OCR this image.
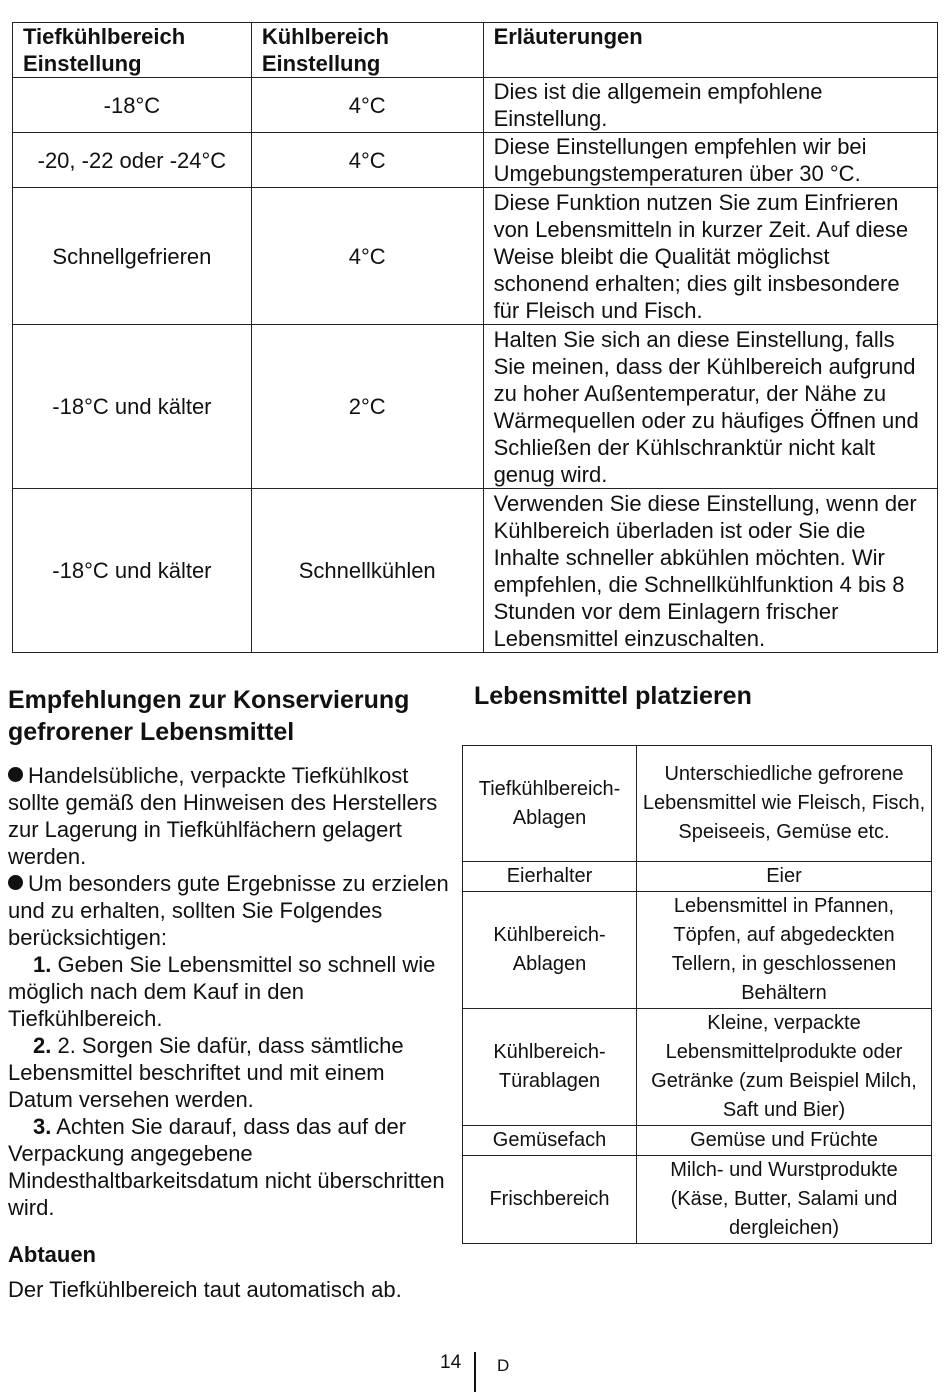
Tiefkühlbereich Einstellung	Kühlbereich Einstellung	Erläuterungen
-18°C	4°C	Dies ist die allgemein empfohlene Einstellung.
-20, -22 oder -24°C	4°C	Diese Einstellungen empfehlen wir bei Umgebungstemperaturen über 30 °C.
Schnellgefrieren	4°C	Diese Funktion nutzen Sie zum Einfrieren von Lebensmitteln in kurzer Zeit. Auf diese Weise bleibt die Qualität möglichst schonend erhalten; dies gilt insbesondere für Fleisch und Fisch.
-18°C und kälter	2°C	Halten Sie sich an diese Einstellung, falls Sie meinen, dass der Kühlbereich aufgrund zu hoher Außentemperatur, der Nähe zu Wärmequellen oder zu häufiges Öffnen und Schließen der Kühlschranktür nicht kalt genug wird.
-18°C und kälter	Schnellkühlen	Verwenden Sie diese Einstellung, wenn der Kühlbereich überladen ist oder Sie die Inhalte schneller abkühlen möchten. Wir empfehlen, die Schnellkühlfunktion 4 bis 8 Stunden vor dem Einlagern frischer Lebensmittel einzuschalten.

Empfehlungen zur Konservierung gefrorener Lebensmittel

Handelsübliche, verpackte Tiefkühlkost sollte gemäß den Hinweisen des Herstellers zur Lagerung in Tiefkühlfächern gelagert werden.

Um besonders gute Ergebnisse zu erzielen und zu erhalten, sollten Sie Folgendes berücksichtigen:

1. Geben Sie Lebensmittel so schnell wie möglich nach dem Kauf in den Tiefkühlbereich.

2. 2. Sorgen Sie dafür, dass sämtliche Lebensmittel beschriftet und mit einem Datum versehen werden.

3. Achten Sie darauf, dass das auf der Verpackung angegebene Mindesthaltbarkeitsdatum nicht überschritten wird.

Abtauen

Der Tiefkühlbereich taut automatisch ab.

Lebensmittel platzieren

Tiefkühlbereich-Ablagen	Unterschiedliche gefrorene Lebensmittel wie Fleisch, Fisch, Speiseeis, Gemüse etc.
Eierhalter	Eier
Kühlbereich-Ablagen	Lebensmittel in Pfannen, Töpfen, auf abgedeckten Tellern, in geschlossenen Behältern
Kühlbereich-Türablagen	Kleine, verpackte Lebensmittelprodukte oder Getränke (zum Beispiel Milch, Saft und Bier)
Gemüsefach	Gemüse und Früchte
Frischbereich	Milch- und Wurstprodukte (Käse, Butter, Salami und dergleichen)
14 D
